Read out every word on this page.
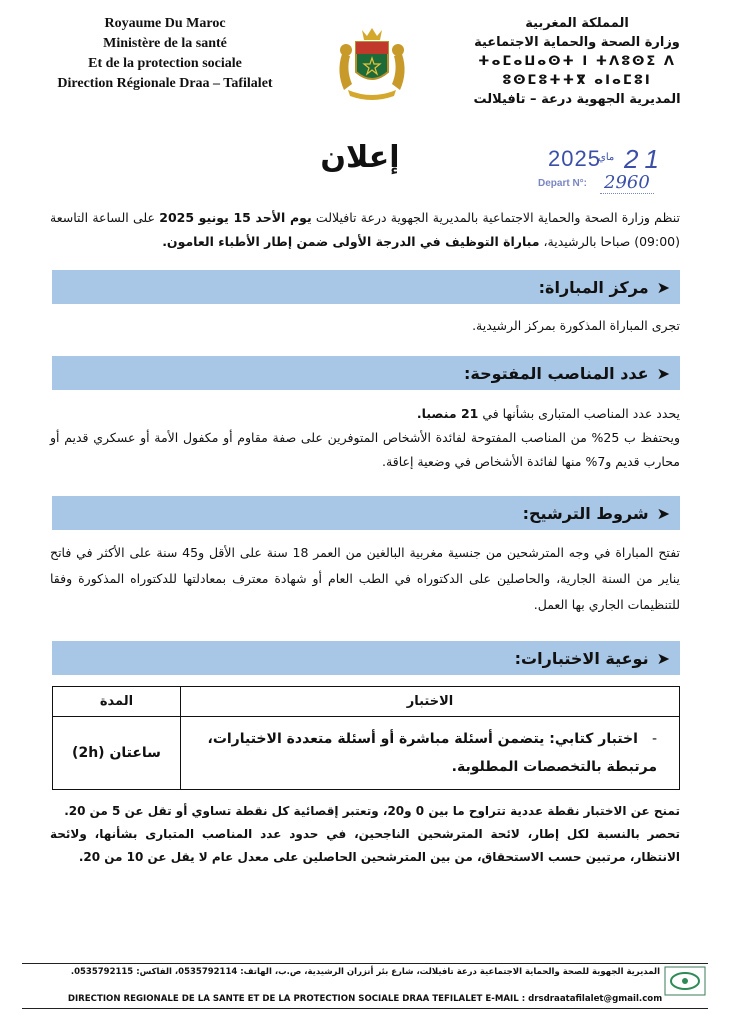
Royaume Du Maroc
Ministère de la santé
Et de la protection sociale
Direction Régionale Draa – Tafilalet
المملكة المغربية
وزارة الصحة والحماية الاجتماعية
ⵜⴰⵎⴰⵡⴰⵙⵜ ⵏ ⵜⴷⵓⵙⵉ ⴷ ⵓⵙⵎⵓⵜⵜⴳ ⴰⵏⴰⵎⵓⵏ
المديرية الجهوية درعة – تافيلالت
إعلان	2025
ماي 21
Depart N°: 2960
تنظم وزارة الصحة والحماية الاجتماعية بالمديرية الجهوية درعة تافيلالت يوم الأحد 15 يونيو 2025 على الساعة التاسعة (09:00) صباحا بالرشيدية، مباراة التوظيف في الدرجة الأولى ضمن إطار الأطباء العامون.
➤
مركز المباراة:
تجرى المباراة المذكورة بمركز الرشيدية.
➤
عدد المناصب المفتوحة:
يحدد عدد المناصب المتبارى بشأنها في 21 منصبا.
ويحتفظ ب 25% من المناصب المفتوحة لفائدة الأشخاص المتوفرين على صفة مقاوم أو مكفول الأمة أو عسكري قديم أو محارب قديم و7% منها لفائدة الأشخاص في وضعية إعاقة.
➤
شروط الترشيح:
تفتح المباراة في وجه المترشحين من جنسية مغربية البالغين من العمر 18 سنة على الأقل و45 سنة على الأكثر في فاتح يناير من السنة الجارية، والحاصلين على الدكتوراه في الطب العام أو شهادة معترف بمعادلتها للدكتوراه المذكورة وفقا للتنظيمات الجاري بها العمل.
➤
نوعية الاختبارات:
الاختبار	المدة
-اختبار كتابي: يتضمن أسئلة مباشرة أو أسئلة متعددة الاختيارات، مرتبطة بالتخصصات المطلوبة.	ساعتان (2h)
تمنح عن الاختبار نقطة عددية تتراوح ما بين 0 و20، وتعتبر إقصائية كل نقطة تساوي أو تقل عن 5 من 20.
تحصر بالنسبة لكل إطار، لائحة المترشحين الناجحين، في حدود عدد المناصب المتبارى بشأنها، ولائحة الانتظار، مرتبين حسب الاستحقاق، من بين المترشحين الحاصلين على معدل عام لا يقل عن 10 من 20.
المديرية الجهوية للصحة والحماية الاجتماعية درعة تافيلالت، شارع بئر أنزران الرشيدية، ص.ب، الهاتف: 0535792114، الفاكس: 0535792115.
DIRECTION REGIONALE DE LA SANTE ET DE LA PROTECTION SOCIALE DRAA TEFILALET E-MAIL : drsdraatafilalet@gmail.com
